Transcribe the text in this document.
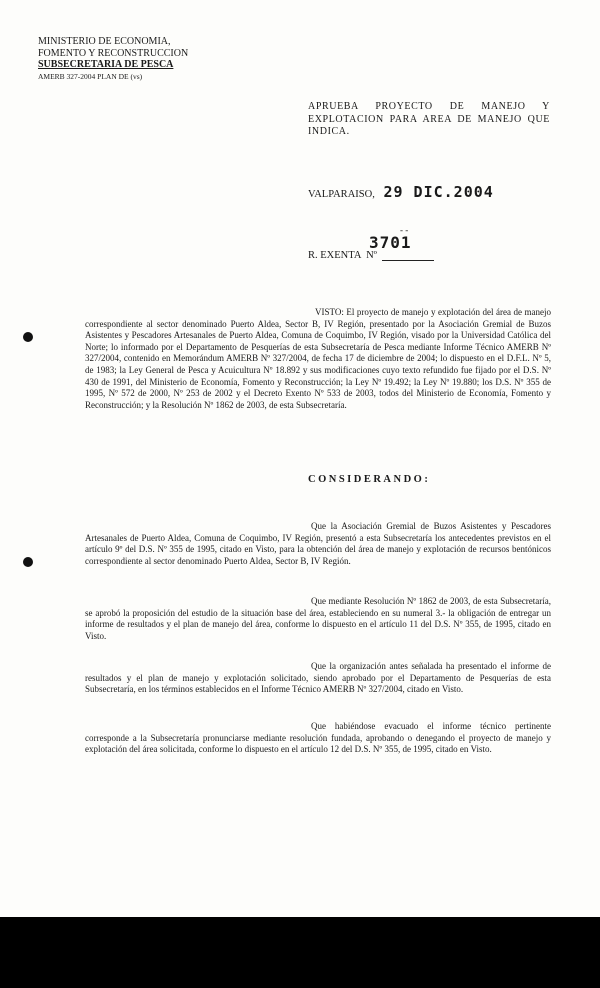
MINISTERIO DE ECONOMIA,
FOMENTO Y RECONSTRUCCION
SUBSECRETARIA DE PESCA
AMERB 327-2004 PLAN DE (vs)
APRUEBA PROYECTO DE MANEJO Y EXPLOTACION PARA AREA DE MANEJO QUE INDICA.
VALPARAISO, 29 DIC.2004
- -
3701
R. EXENTA Nº
VISTO: El proyecto de manejo y explotación del área de manejo correspondiente al sector denominado Puerto Aldea, Sector B, IV Región, presentado por la Asociación Gremial de Buzos Asistentes y Pescadores Artesanales de Puerto Aldea, Comuna de Coquimbo, IV Región, visado por la Universidad Católica del Norte; lo informado por el Departamento de Pesquerías de esta Subsecretaría de Pesca mediante Informe Técnico AMERB Nº 327/2004, contenido en Memorándum AMERB Nº 327/2004, de fecha 17 de diciembre de 2004; lo dispuesto en el D.F.L. Nº 5, de 1983; la Ley General de Pesca y Acuicultura Nº 18.892 y sus modificaciones cuyo texto refundido fue fijado por el D.S. Nº 430 de 1991, del Ministerio de Economía, Fomento y Reconstrucción; la Ley Nº 19.492; la Ley Nº 19.880; los D.S. Nº 355 de 1995, Nº 572 de 2000, Nº 253 de 2002 y el Decreto Exento Nº 533 de 2003, todos del Ministerio de Economía, Fomento y Reconstrucción; y la Resolución Nº 1862 de 2003, de esta Subsecretaría.
CONSIDERANDO:
Que la Asociación Gremial de Buzos Asistentes y Pescadores Artesanales de Puerto Aldea, Comuna de Coquimbo, IV Región, presentó a esta Subsecretaría los antecedentes previstos en el artículo 9º del D.S. Nº 355 de 1995, citado en Visto, para la obtención del área de manejo y explotación de recursos bentónicos correspondiente al sector denominado Puerto Aldea, Sector B, IV Región.
Que mediante Resolución Nº 1862 de 2003, de esta Subsecretaría, se aprobó la proposición del estudio de la situación base del área, estableciendo en su numeral 3.- la obligación de entregar un informe de resultados y el plan de manejo del área, conforme lo dispuesto en el artículo 11 del D.S. Nº 355, de 1995, citado en Visto.
Que la organización antes señalada ha presentado el informe de resultados y el plan de manejo y explotación solicitado, siendo aprobado por el Departamento de Pesquerías de esta Subsecretaría, en los términos establecidos en el Informe Técnico AMERB Nº 327/2004, citado en Visto.
Que habiéndose evacuado el informe técnico pertinente corresponde a la Subsecretaría pronunciarse mediante resolución fundada, aprobando o denegando el proyecto de manejo y explotación del área solicitada, conforme lo dispuesto en el artículo 12 del D.S. Nº 355, de 1995, citado en Visto.
